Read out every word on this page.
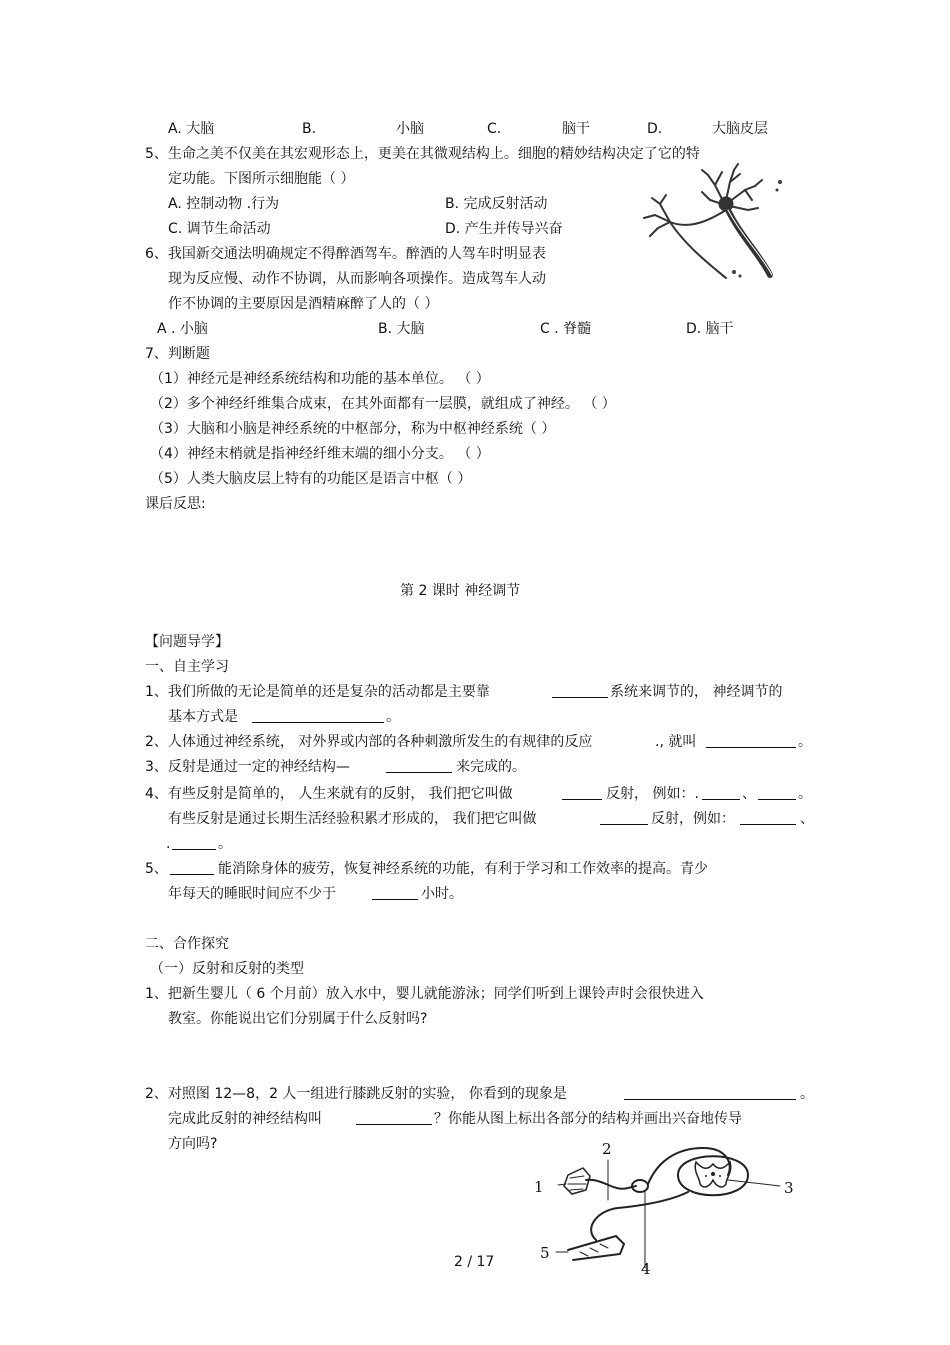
A. 大脑	B.	小脑	C.	脑干	D.	大脑皮层
5、生命之美不仅美在其宏观形态上，更美在其微观结构上。细胞的精妙结构决定了它的特
定功能。下图所示细胞能（ ）
A. 控制动物 .行为	B. 完成反射活动
C. 调节生命活动	D. 产生并传导兴奋
6、我国新交通法明确规定不得醉酒驾车。醉酒的人驾车时明显表
现为反应慢、动作不协调，从而影响各项操作。造成驾车人动
作不协调的主要原因是酒精麻醉了人的（ ）
A . 小脑	B. 大脑	C . 脊髓	D. 脑干
7、判断题
（1）神经元是神经系统结构和功能的基本单位。 （ ）
（2）多个神经纤维集合成束，在其外面都有一层膜，就组成了神经。 （ ）
（3）大脑和小脑是神经系统的中枢部分，称为中枢神经系统（ ）
（4）神经末梢就是指神经纤维末端的细小分支。 （ ）
（5）人类大脑皮层上特有的功能区是语言中枢（ ）
课后反思:
第 2 课时 神经调节
【问题导学】
一、自主学习
1、我们所做的无论是简单的还是复杂的活动都是主要靠	系统来调节的， 神经调节的
基本方式是	。
2、人体通过神经系统， 对外界或内部的各种刺激所发生的有规律的反应	., 就叫	。
3、反射是通过一定的神经结构—	来完成的。
4、有些反射是简单的， 人生来就有的反射， 我们把它叫做	反射， 例如：.	、	。
有些反射是通过长期生活经验积累才形成的， 我们把它叫做	反射，例如：	、
.	。
5、	能消除身体的疲劳，恢复神经系统的功能，有利于学习和工作效率的提高。青少
年每天的睡眠时间应不少于	小时。
二、合作探究
（一）反射和反射的类型
1、把新生婴儿（ 6 个月前）放入水中，婴儿就能游泳；同学们听到上课铃声时会很快进入
教室。你能说出它们分别属于什么反射吗?
2、对照图 12—8，2 人一组进行膝跳反射的实验， 你看到的现象是	。
完成此反射的神经结构叫	？你能从图上标出各部分的结构并画出兴奋地传导
方向吗?
1
2
3
4
5
2 / 17
